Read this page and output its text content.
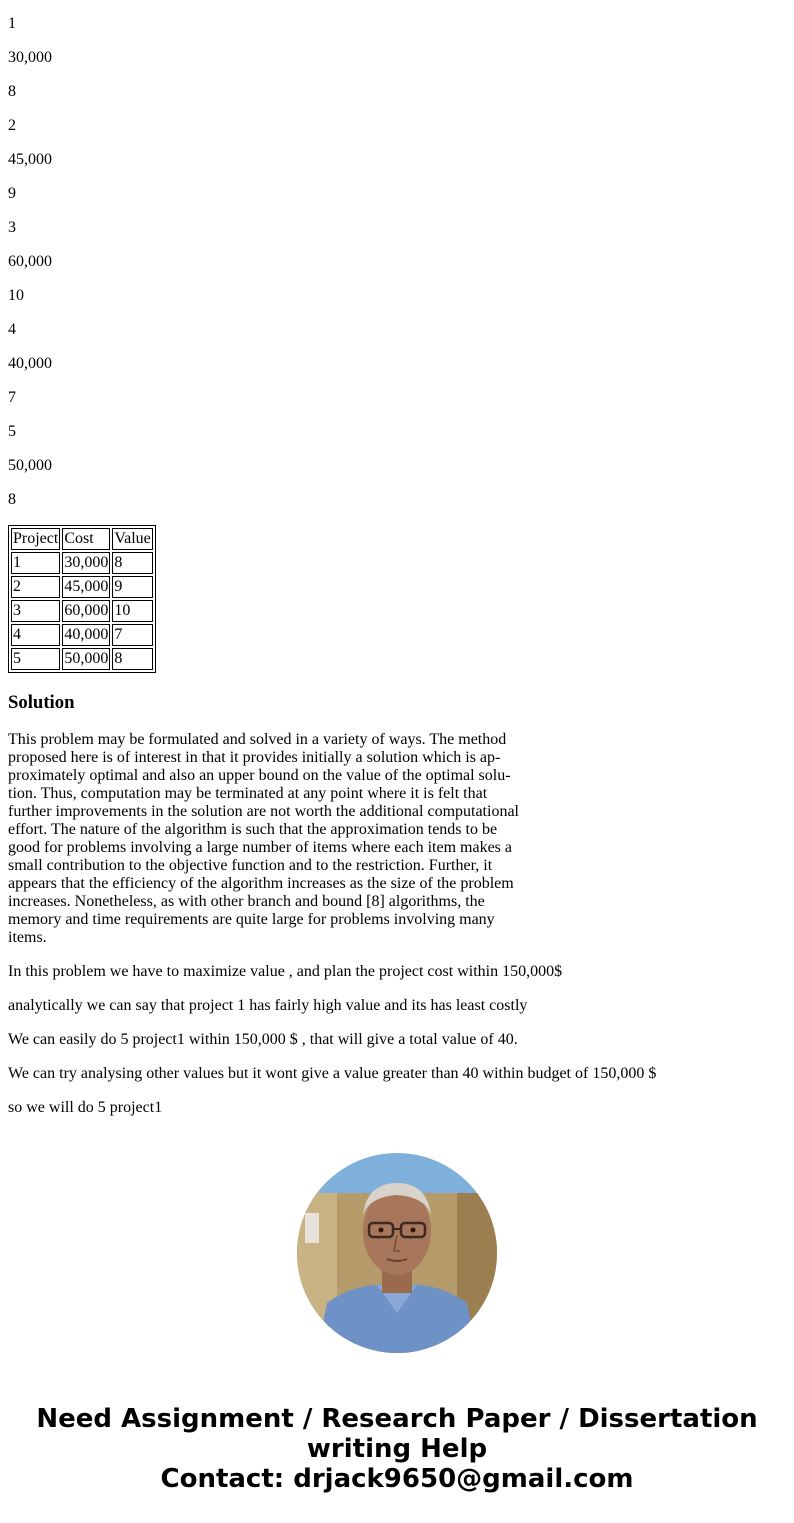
1

30,000

8

2

45,000

9

3

60,000

10

4

40,000

7

5

50,000

8

Project	Cost	Value
1	30,000	8
2	45,000	9
3	60,000	10
4	40,000	7
5	50,000	8
Solution

This problem may be formulated and solved in a variety of ways. The method proposed here is of interest in that it provides initially a solution which is ap-proximately optimal and also an upper bound on the value of the optimal solu-tion. Thus, computation may be terminated at any point where it is felt that further improvements in the solution are not worth the additional computational effort. The nature of the algorithm is such that the approximation tends to be good for problems involving a large number of items where each item makes a small contribution to the objective function and to the restriction. Further, it appears that the efficiency of the algorithm increases as the size of the problem increases. Nonetheless, as with other branch and bound [8] algorithms, the memory and time requirements are quite large for problems involving many items.

In this problem we have to maximize value , and plan the project cost within 150,000$

analytically we can say that project 1 has fairly high value and its has least costly

We can easily do 5 project1 within 150,000 $ , that will give a total value of 40.

We can try analysing other values but it wont give a value greater than 40 within budget of 150,000 $

so we will do 5 project1

Need Assignment / Research Paper / Dissertation
writing Help
Contact: drjack9650@gmail.com
